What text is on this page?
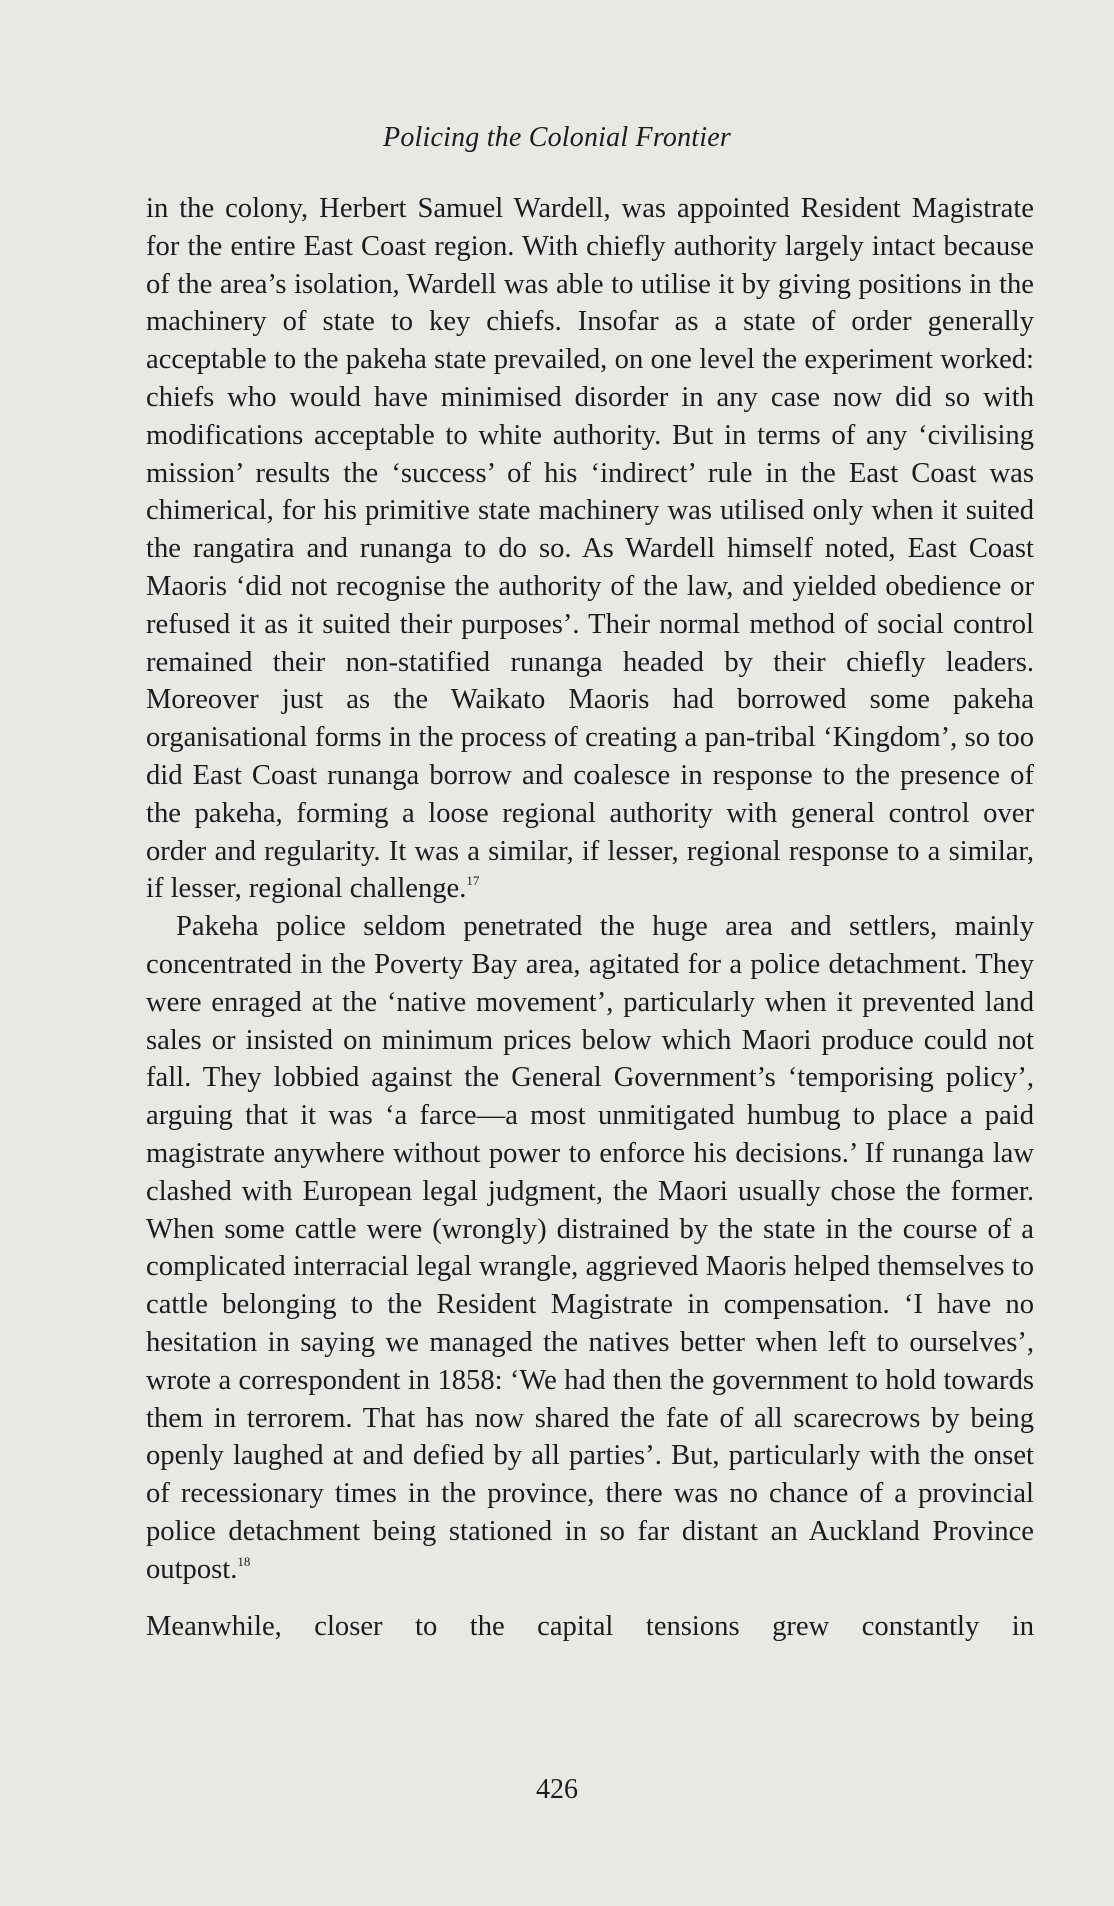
Policing the Colonial Frontier

in the colony, Herbert Samuel Wardell, was appointed Resident Magistrate for the entire East Coast region. With chiefly authority largely intact because of the area’s isolation, Wardell was able to utilise it by giving positions in the machinery of state to key chiefs. Insofar as a state of order generally acceptable to the pakeha state prevailed, on one level the experiment worked: chiefs who would have minimised disorder in any case now did so with modifications acceptable to white authority. But in terms of any ‘civilising mission’ results the ‘success’ of his ‘indirect’ rule in the East Coast was chimerical, for his primitive state machinery was utilised only when it suited the rangatira and runanga to do so. As Wardell himself noted, East Coast Maoris ‘did not recognise the authority of the law, and yielded obedience or refused it as it suited their purposes’. Their normal method of social control remained their non-statified runanga headed by their chiefly leaders. Moreover just as the Waikato Maoris had borrowed some pakeha organisational forms in the process of creating a pan-tribal ‘Kingdom’, so too did East Coast runanga borrow and coalesce in response to the presence of the pakeha, forming a loose regional authority with general control over order and regularity. It was a similar, if lesser, regional response to a similar, if lesser, regional challenge.$^{17}$

Pakeha police seldom penetrated the huge area and settlers, mainly concentrated in the Poverty Bay area, agitated for a police detachment. They were enraged at the ‘native movement’, particularly when it prevented land sales or insisted on minimum prices below which Maori produce could not fall. They lobbied against the General Government’s ‘temporising policy’, arguing that it was ‘a farce—a most unmitigated humbug to place a paid magistrate anywhere without power to enforce his decisions.’ If runanga law clashed with European legal judgment, the Maori usually chose the former. When some cattle were (wrongly) distrained by the state in the course of a complicated interracial legal wrangle, aggrieved Maoris helped themselves to cattle belonging to the Resident Magistrate in compensation. ‘I have no hesitation in saying we managed the natives better when left to ourselves’, wrote a correspondent in 1858: ‘We had then the government to hold towards them in terrorem. That has now shared the fate of all scarecrows by being openly laughed at and defied by all parties’. But, particularly with the onset of recessionary times in the province, there was no chance of a provincial police detachment being stationed in so far distant an Auckland Province outpost.$^{18}$

Meanwhile, closer to the capital tensions grew constantly in

426
